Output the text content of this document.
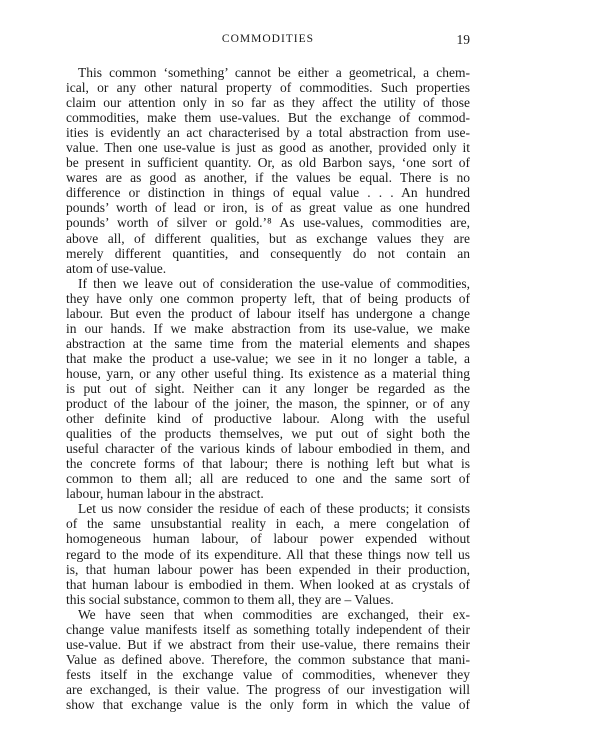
COMMODITIES	19
This common ‘something’ cannot be either a geometrical, a chem-
ical, or any other natural property of commodities. Such properties
claim our attention only in so far as they affect the utility of those
commodities, make them use-values. But the exchange of commod-
ities is evidently an act characterised by a total abstraction from use-
value. Then one use-value is just as good as another, provided only it
be present in sufficient quantity. Or, as old Barbon says, ‘one sort of
wares are as good as another, if the values be equal. There is no
difference or distinction in things of equal value . . . An hundred
pounds’ worth of lead or iron, is of as great value as one hundred
pounds’ worth of silver or gold.’⁸ As use-values, commodities are,
above all, of different qualities, but as exchange values they are
merely different quantities, and consequently do not contain an
atom of use-value.
If then we leave out of consideration the use-value of commodities,
they have only one common property left, that of being products of
labour. But even the product of labour itself has undergone a change
in our hands. If we make abstraction from its use-value, we make
abstraction at the same time from the material elements and shapes
that make the product a use-value; we see in it no longer a table, a
house, yarn, or any other useful thing. Its existence as a material thing
is put out of sight. Neither can it any longer be regarded as the
product of the labour of the joiner, the mason, the spinner, or of any
other definite kind of productive labour. Along with the useful
qualities of the products themselves, we put out of sight both the
useful character of the various kinds of labour embodied in them, and
the concrete forms of that labour; there is nothing left but what is
common to them all; all are reduced to one and the same sort of
labour, human labour in the abstract.
Let us now consider the residue of each of these products; it consists
of the same unsubstantial reality in each, a mere congelation of
homogeneous human labour, of labour power expended without
regard to the mode of its expenditure. All that these things now tell us
is, that human labour power has been expended in their production,
that human labour is embodied in them. When looked at as crystals of
this social substance, common to them all, they are – Values.
We have seen that when commodities are exchanged, their ex-
change value manifests itself as something totally independent of their
use-value. But if we abstract from their use-value, there remains their
Value as defined above. Therefore, the common substance that mani-
fests itself in the exchange value of commodities, whenever they
are exchanged, is their value. The progress of our investigation will
show that exchange value is the only form in which the value of
